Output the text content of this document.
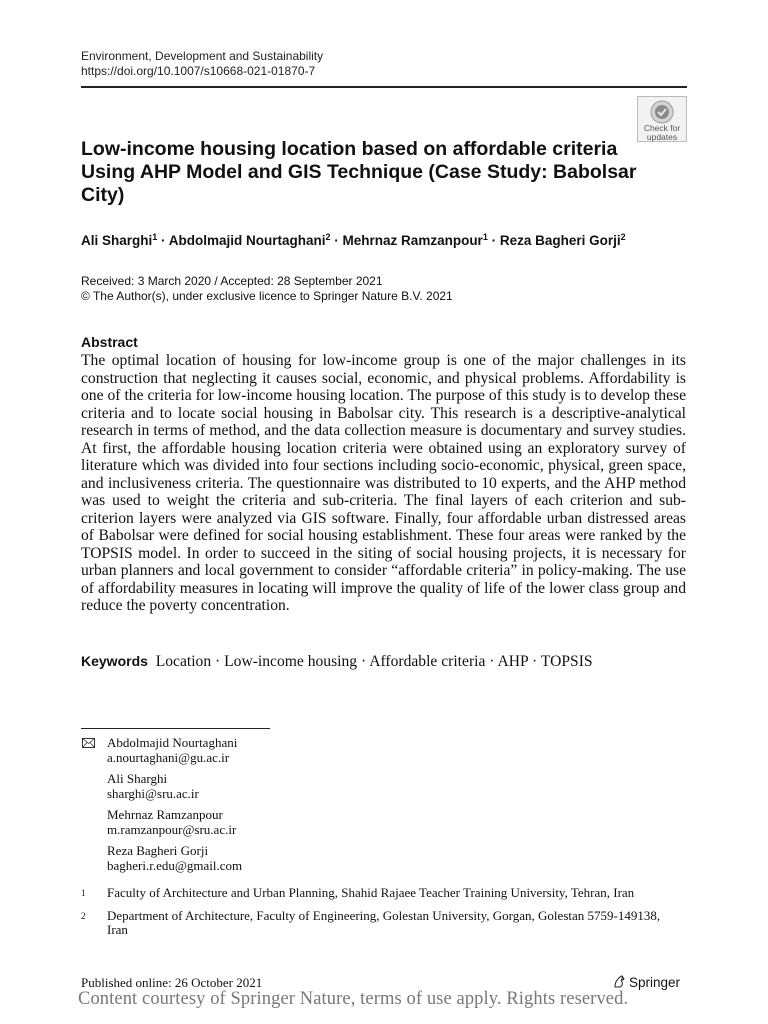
Environment, Development and Sustainability
https://doi.org/10.1007/s10668-021-01870-7
Check for
updates
Low-income housing location based on affordable criteria Using AHP Model and GIS Technique (Case Study: Babolsar City)
Ali Sharghi$^1$ · Abdolmajid Nourtaghani$^2$ · Mehrnaz Ramzanpour$^1$ · Reza Bagheri Gorji$^2$
Received: 3 March 2020 / Accepted: 28 September 2021
© The Author(s), under exclusive licence to Springer Nature B.V. 2021
Abstract

The optimal location of housing for low-income group is one of the major challenges in its construction that neglecting it causes social, economic, and physical problems. Affordability is one of the criteria for low-income housing location. The purpose of this study is to develop these criteria and to locate social housing in Babolsar city. This research is a descriptive-analytical research in terms of method, and the data collection measure is documentary and survey studies. At first, the affordable housing location criteria were obtained using an exploratory survey of literature which was divided into four sections including socio-economic, physical, green space, and inclusiveness criteria. The questionnaire was distributed to 10 experts, and the AHP method was used to weight the criteria and sub-criteria. The final layers of each criterion and sub-criterion layers were analyzed via GIS software. Finally, four affordable urban distressed areas of Babolsar were defined for social housing establishment. These four areas were ranked by the TOPSIS model. In order to succeed in the siting of social housing projects, it is necessary for urban planners and local government to consider “affordable criteria” in policy-making. The use of affordability measures in locating will improve the quality of life of the lower class group and reduce the poverty concentration.

Keywords Location · Low-income housing · Affordable criteria · AHP · TOPSIS
Abdolmajid Nourtaghani
a.nourtaghani@gu.ac.ir
Ali Sharghi
sharghi@sru.ac.ir
Mehrnaz Ramzanpour
m.ramzanpour@sru.ac.ir
Reza Bagheri Gorji
bagheri.r.edu@gmail.com
1 Faculty of Architecture and Urban Planning, Shahid Rajaee Teacher Training University, Tehran, Iran
2 Department of Architecture, Faculty of Engineering, Golestan University, Gorgan, Golestan 5759-149138, Iran
Published online: 26 October 2021	Springer
Content courtesy of Springer Nature, terms of use apply. Rights reserved.
